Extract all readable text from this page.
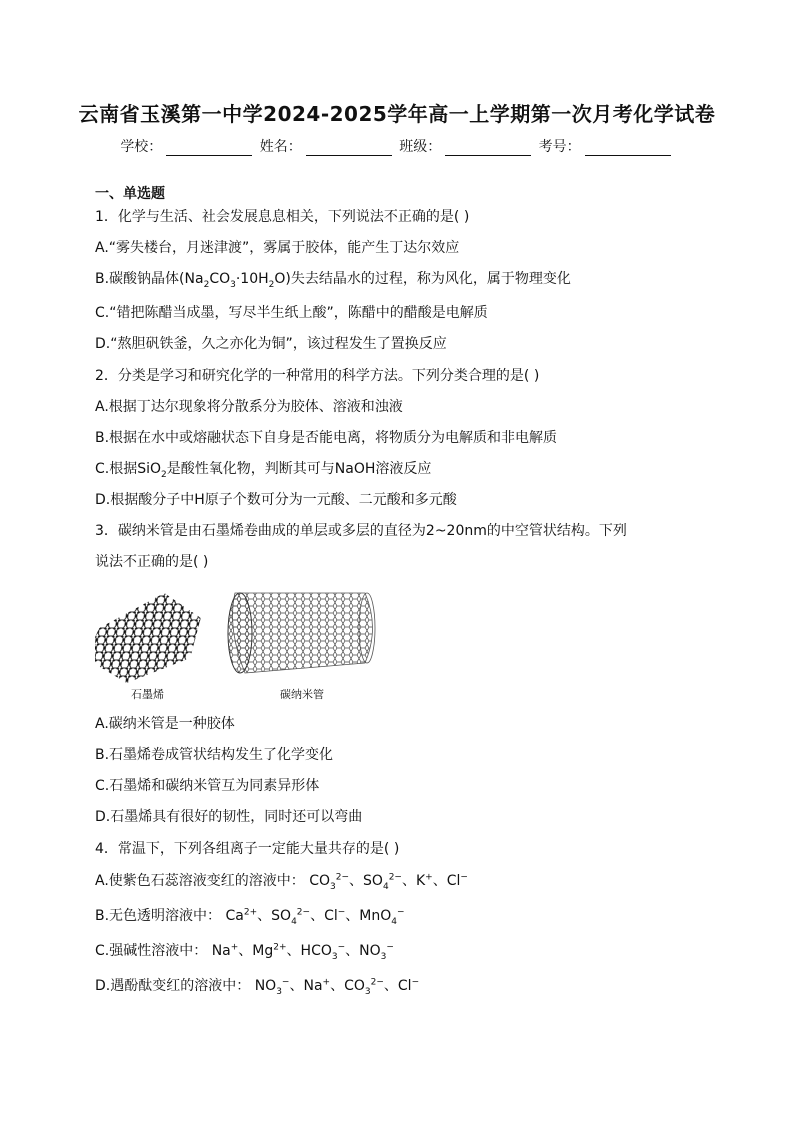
云南省玉溪第一中学2024-2025学年高一上学期第一次月考化学试卷
学校：	姓名：	班级：	考号：
一、单选题
1．化学与生活、社会发展息息相关，下列说法不正确的是( )
A.“雾失楼台，月迷津渡”，雾属于胶体，能产生丁达尔效应
B.碳酸钠晶体$(Na_2CO_3\cdot 10H_2O)$失去结晶水的过程，称为风化，属于物理变化
C.“错把陈醋当成墨，写尽半生纸上酸”，陈醋中的醋酸是电解质
D.“熬胆矾铁釜，久之亦化为铜”，该过程发生了置换反应
2．分类是学习和研究化学的一种常用的科学方法。下列分类合理的是( )
A.根据丁达尔现象将分散系分为胶体、溶液和浊液
B.根据在水中或熔融状态下自身是否能电离，将物质分为电解质和非电解质
C.根据SiO$_2$是酸性氧化物，判断其可与NaOH溶液反应
D.根据酸分子中H原子个数可分为一元酸、二元酸和多元酸
3．碳纳米管是由石墨烯卷曲成的单层或多层的直径为2~20nm的中空管状结构。下列
说法不正确的是( )
石墨烯	碳纳米管
A.碳纳米管是一种胶体
B.石墨烯卷成管状结构发生了化学变化
C.石墨烯和碳纳米管互为同素异形体
D.石墨烯具有很好的韧性，同时还可以弯曲
4．常温下，下列各组离子一定能大量共存的是( )
A.使紫色石蕊溶液变红的溶液中： $CO_3^{2-}$、$SO_4^{2-}$、K+、Cl−
B.无色透明溶液中： $Ca^{2+}$、$SO_4^{2-}$、Cl−、MnO$_4$−
C.强碱性溶液中： Na+、$Mg^{2+}$、$HCO_3^-$、$NO_3^-$
D.遇酚酞变红的溶液中： $NO_3^-$、Na+、$CO_3^{2-}$、Cl−
